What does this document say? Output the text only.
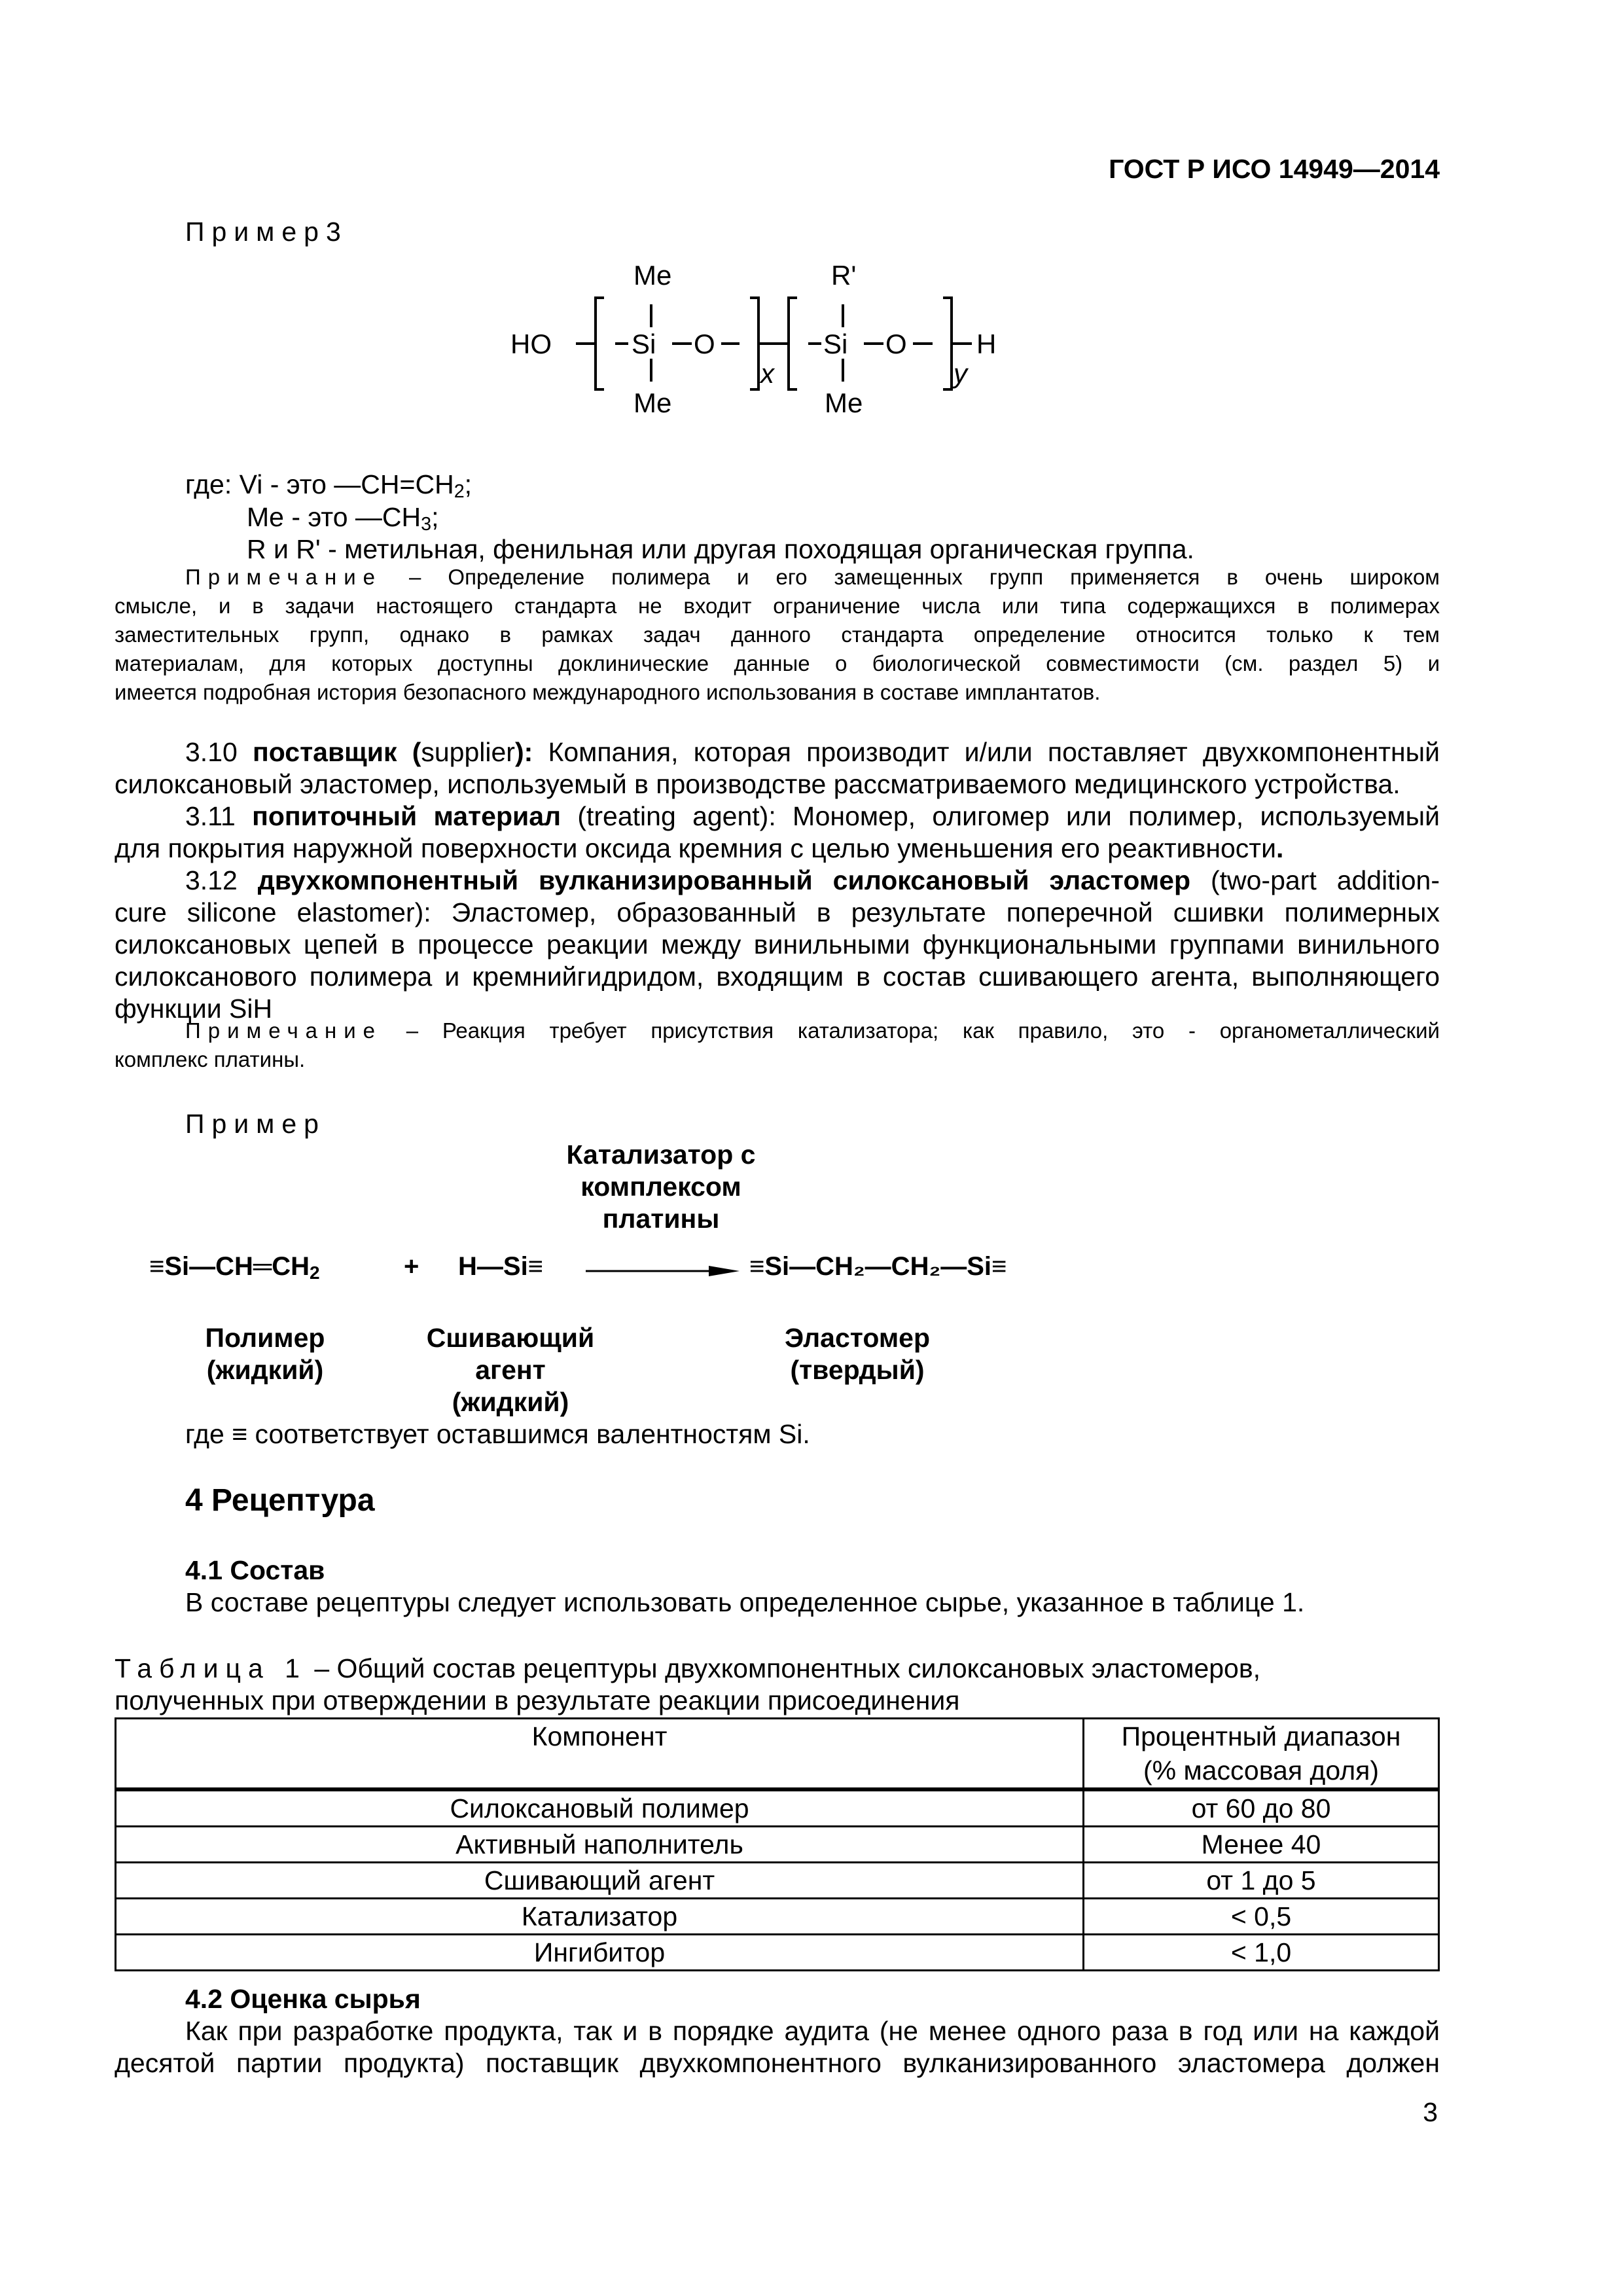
ГОСТ Р ИСО 14949—2014
Пример3
HO	Si O	Si O	H
Me
Me
R'
Me
x	y
где: Vi - это $—CH=CH_2$;
Me - это $—CH_3$;
R и R' - метильная, фенильная или другая походящая органическая группа.
Примечание – Определение полимера и его замещенных групп применяется в очень широком
смысле, и в задачи настоящего стандарта не входит ограничение числа или типа содержащихся в полимерах
заместительных групп, однако в рамках задач данного стандарта определение относится только к тем
материалам, для которых доступны доклинические данные о биологической совместимости (см. раздел 5) и
имеется подробная история безопасного международного использования в составе имплантатов.
3.10 поставщик (supplier): Компания, которая производит и/или поставляет двухкомпонентный
силоксановый эластомер, используемый в производстве рассматриваемого медицинского устройства.
3.11 попиточный материал (treating agent): Мономер, олигомер или полимер, используемый
для покрытия наружной поверхности оксида кремния с целью уменьшения его реактивности.
3.12 двухкомпонентный вулканизированный силоксановый эластомер (two-part addition-
cure silicone elastomer): Эластомер, образованный в результате поперечной сшивки полимерных
силоксановых цепей в процессе реакции между винильными функциональными группами винильного
силоксанового полимера и кремнийгидридом, входящим в состав сшивающего агента, выполняющего
функции SiH
Примечание – Реакция требует присутствия катализатора; как правило, это - органометаллический
комплекс платины.
Пример
Катализатор с
комплексом
платины
$\equiv Si—CH═CH_2$	+ H—Si≡	≡Si—CH₂—CH₂—Si≡
Полимер
(жидкий)
Сшивающий
агент
(жидкий)
Эластомер
(твердый)
где ≡ соответствует оставшимся валентностям Si.
4 Рецептура
4.1 Состав
В составе рецептуры следует использовать определенное сырье, указанное в таблице 1.
Таблица 1 – Общий состав рецептуры двухкомпонентных силоксановых эластомеров,
полученных при отверждении в результате реакции присоединения
Компонент	Процентный диапазон
(% массовая доля)

Силоксановый полимер	от 60 до 80
Активный наполнитель	Менее 40
Сшивающий агент	от 1 до 5
Катализатор	< 0,5
Ингибитор	< 1,0
4.2 Оценка сырья
Как при разработке продукта, так и в порядке аудита (не менее одного раза в год или на каждой
десятой партии продукта) поставщик двухкомпонентного вулканизированного эластомера должен
3
